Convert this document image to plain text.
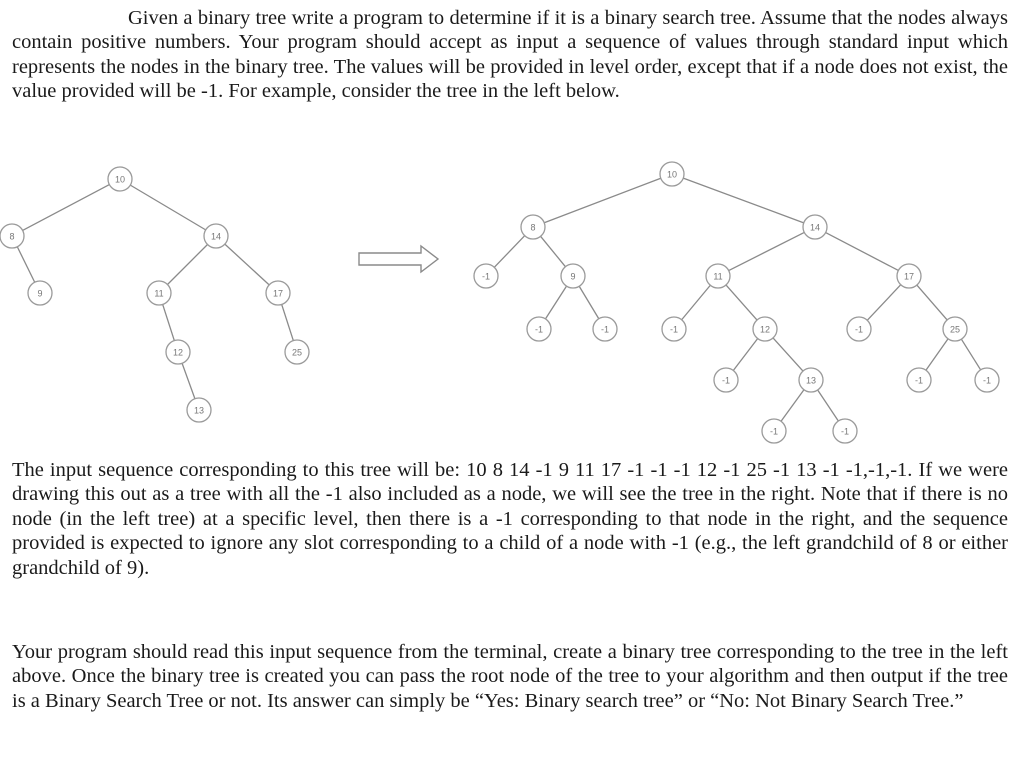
Given a binary tree write a program to determine if it is a binary search tree. Assume that the nodes always contain positive numbers. Your program should accept as input a sequence of values through standard input which represents the nodes in the binary tree. The values will be provided in level order, except that if a node does not exist, the value provided will be -1. For example, consider the tree in the left below.

10
8	14
9	11	17
12	25
13
10
8	14
-1	9	11	17
-1	-1	-1	12	-1	25
-1	13	-1	-1
-1	-1

The input sequence corresponding to this tree will be: 10 8 14 -1 9 11 17 -1 -1 -1 12 -1 25 -1 13 -1 -1,-1,-1. If we were drawing this out as a tree with all the -1 also included as a node, we will see the tree in the right. Note that if there is no node (in the left tree) at a specific level, then there is a -1 corresponding to that node in the right, and the sequence provided is expected to ignore any slot corresponding to a child of a node with -1 (e.g., the left grandchild of 8 or either grandchild of 9).

Your program should read this input sequence from the terminal, create a binary tree corresponding to the tree in the left above. Once the binary tree is created you can pass the root node of the tree to your algorithm and then output if the tree is a Binary Search Tree or not. Its answer can simply be “Yes: Binary search tree” or “No: Not Binary Search Tree.”
